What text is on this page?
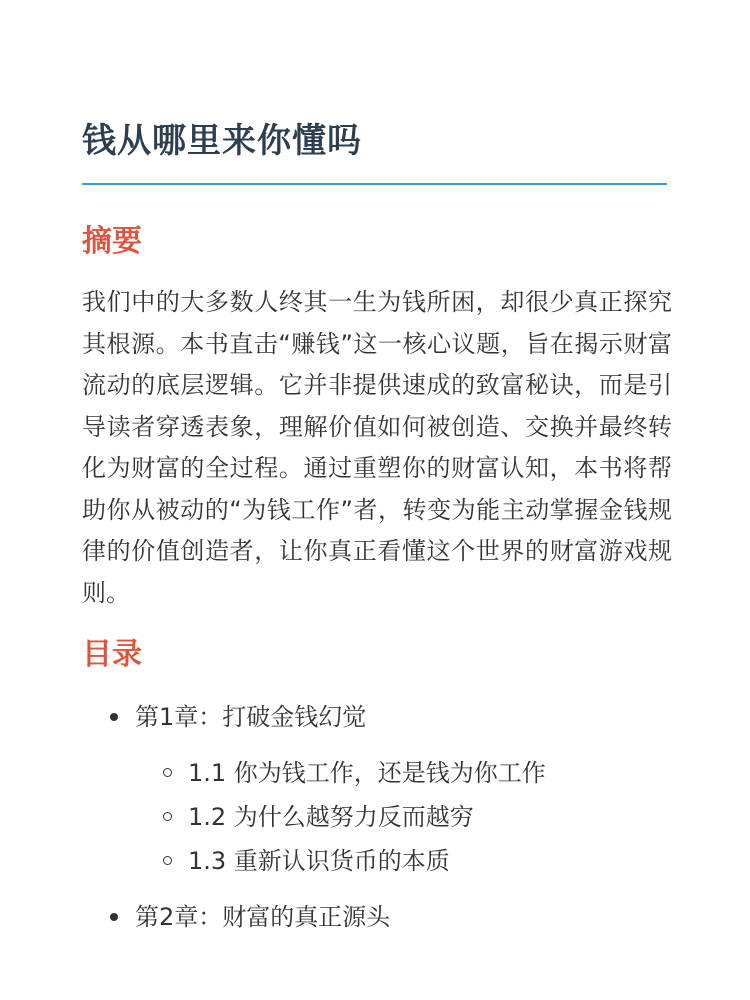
钱从哪里来你懂吗
摘要

我们中的大多数人终其一生为钱所困，却很少真正探究其根源。本书直击“赚钱”这一核心议题，旨在揭示财富流动的底层逻辑。它并非提供速成的致富秘诀，而是引导读者穿透表象，理解价值如何被创造、交换并最终转化为财富的全过程。通过重塑你的财富认知，本书将帮助你从被动的“为钱工作”者，转变为能主动掌握金钱规律的价值创造者，让你真正看懂这个世界的财富游戏规则。

目录
第1章：打破金钱幻觉
1.1 你为钱工作，还是钱为你工作
1.2 为什么越努力反而越穷
1.3 重新认识货币的本质
第2章：财富的真正源头
